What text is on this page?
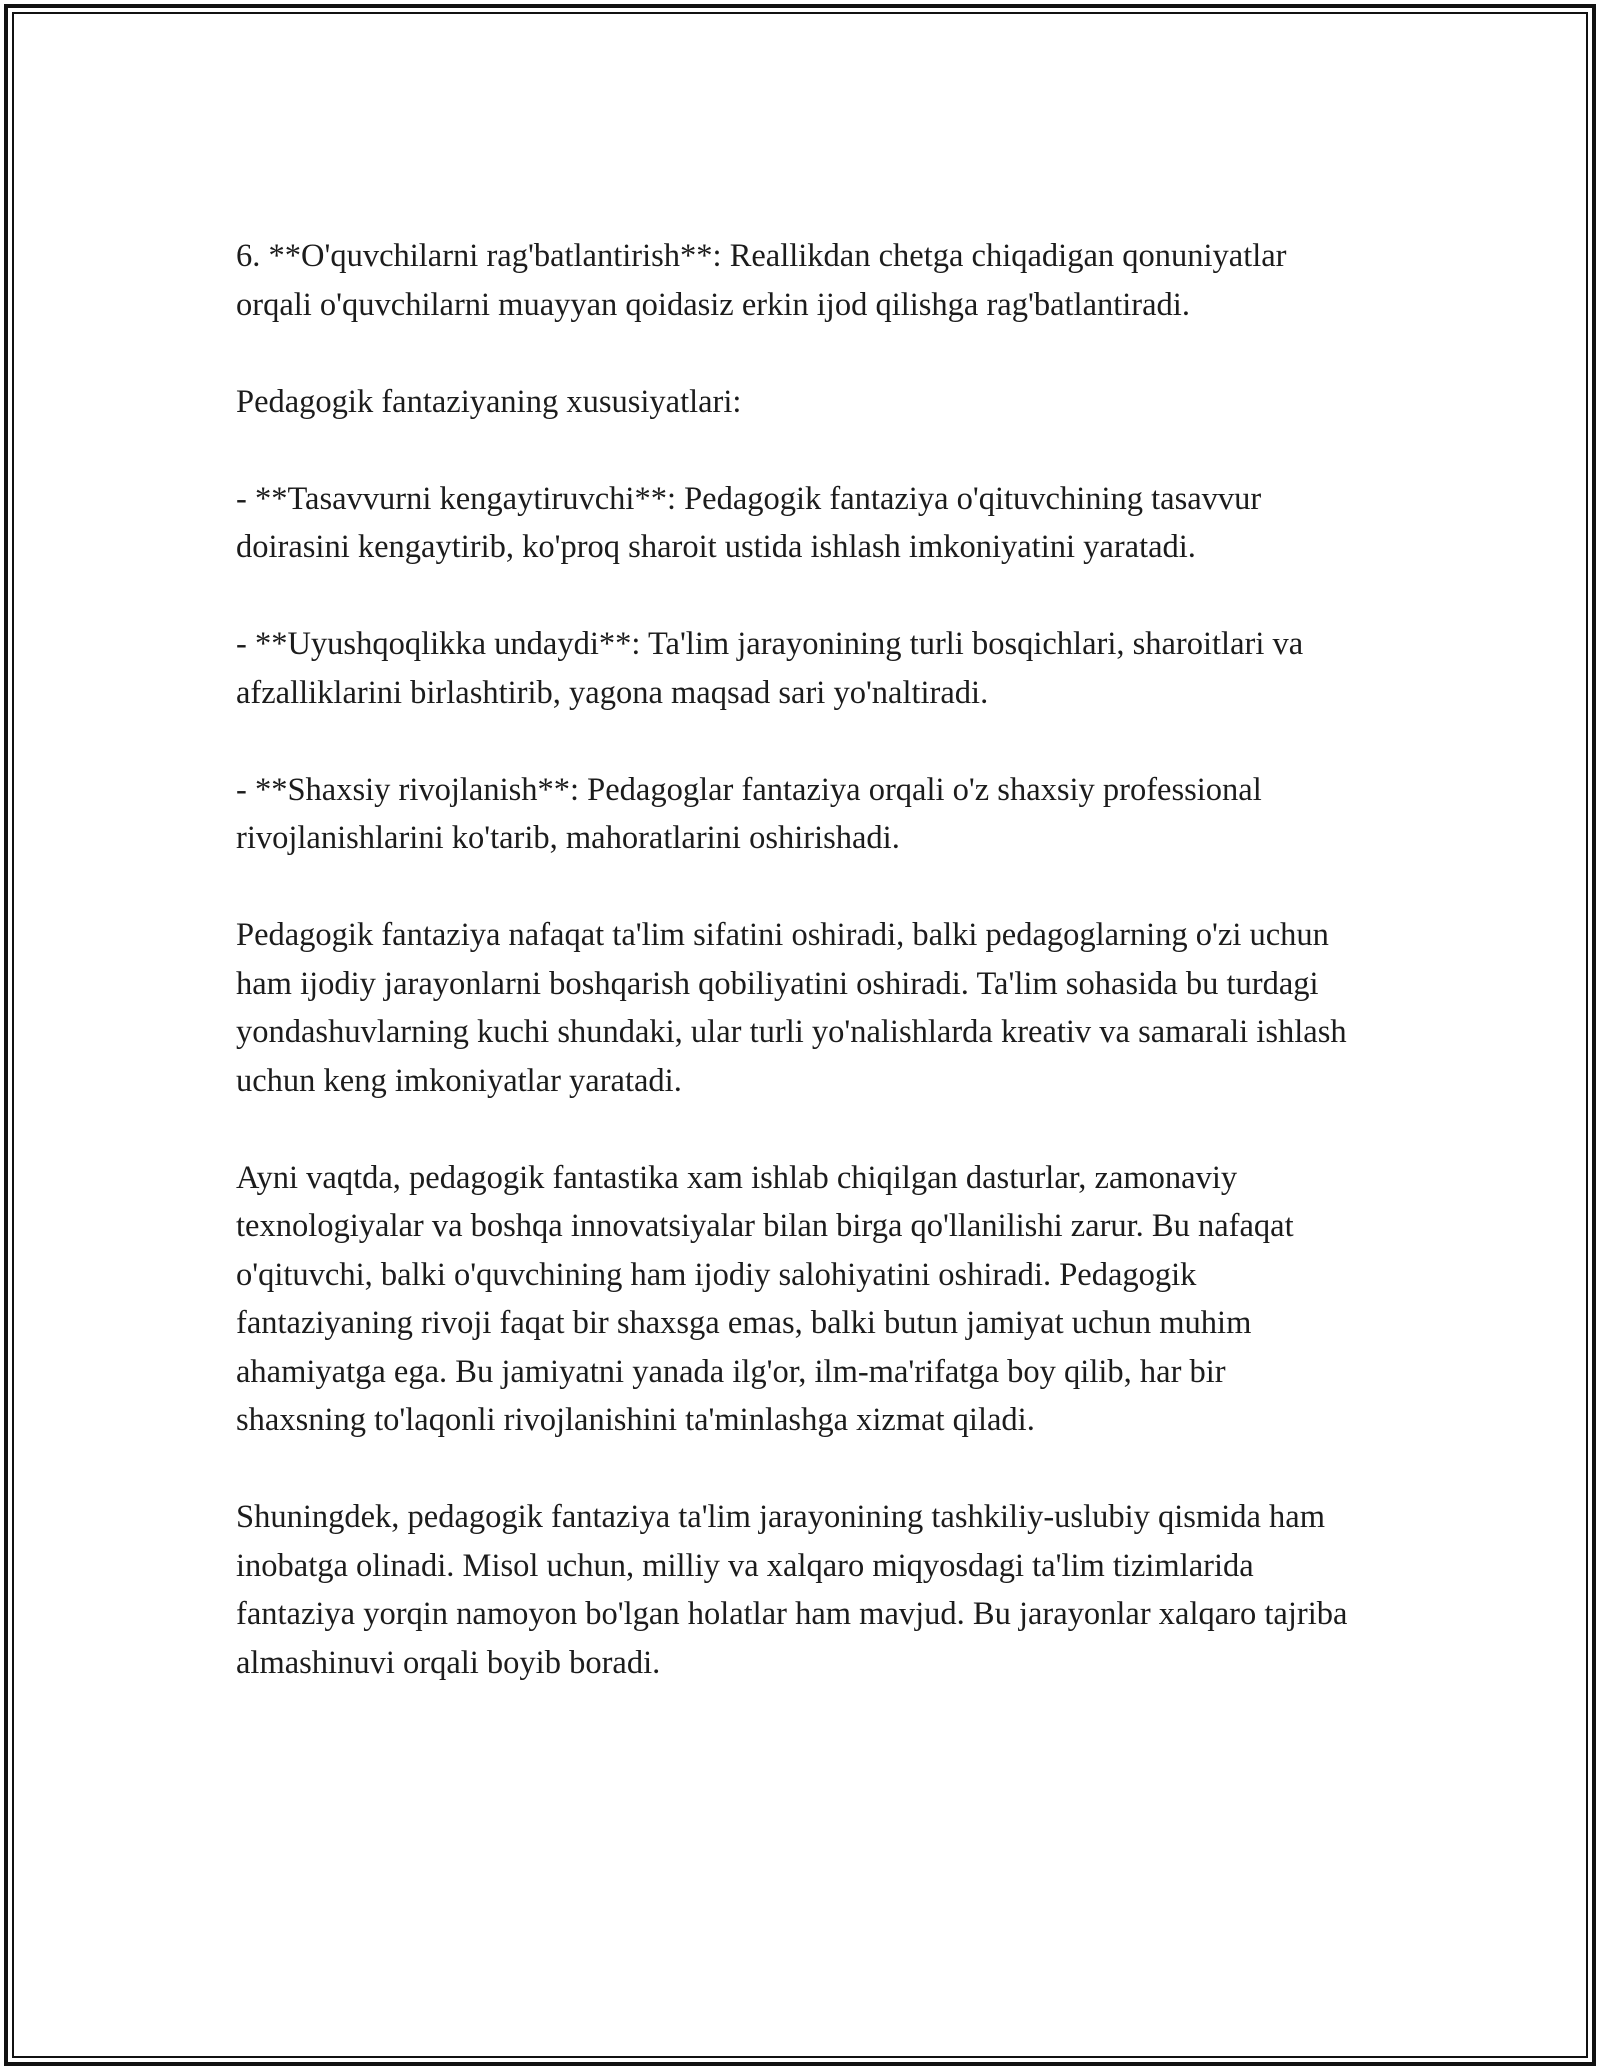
6. **O'quvchilarni rag'batlantirish**: Reallikdan chetga chiqadigan qonuniyatlar orqali o'quvchilarni muayyan qoidasiz erkin ijod qilishga rag'batlantiradi.

Pedagogik fantaziyaning xususiyatlari:

- **Tasavvurni kengaytiruvchi**: Pedagogik fantaziya o'qituvchining tasavvur doirasini kengaytirib, ko'proq sharoit ustida ishlash imkoniyatini yaratadi.

- **Uyushqoqlikka undaydi**: Ta'lim jarayonining turli bosqichlari, sharoitlari va afzalliklarini birlashtirib, yagona maqsad sari yo'naltiradi.

- **Shaxsiy rivojlanish**: Pedagoglar fantaziya orqali o'z shaxsiy professional rivojlanishlarini ko'tarib, mahoratlarini oshirishadi.

Pedagogik fantaziya nafaqat ta'lim sifatini oshiradi, balki pedagoglarning o'zi uchun ham ijodiy jarayonlarni boshqarish qobiliyatini oshiradi. Ta'lim sohasida bu turdagi yondashuvlarning kuchi shundaki, ular turli yo'nalishlarda kreativ va samarali ishlash uchun keng imkoniyatlar yaratadi.

Ayni vaqtda, pedagogik fantastika xam ishlab chiqilgan dasturlar, zamonaviy texnologiyalar va boshqa innovatsiyalar bilan birga qo'llanilishi zarur. Bu nafaqat o'qituvchi, balki o'quvchining ham ijodiy salohiyatini oshiradi. Pedagogik fantaziyaning rivoji faqat bir shaxsga emas, balki butun jamiyat uchun muhim ahamiyatga ega. Bu jamiyatni yanada ilg'or, ilm-ma'rifatga boy qilib, har bir shaxsning to'laqonli rivojlanishini ta'minlashga xizmat qiladi.

Shuningdek, pedagogik fantaziya ta'lim jarayonining tashkiliy-uslubiy qismida ham inobatga olinadi. Misol uchun, milliy va xalqaro miqyosdagi ta'lim tizimlarida fantaziya yorqin namoyon bo'lgan holatlar ham mavjud. Bu jarayonlar xalqaro tajriba almashinuvi orqali boyib boradi.
